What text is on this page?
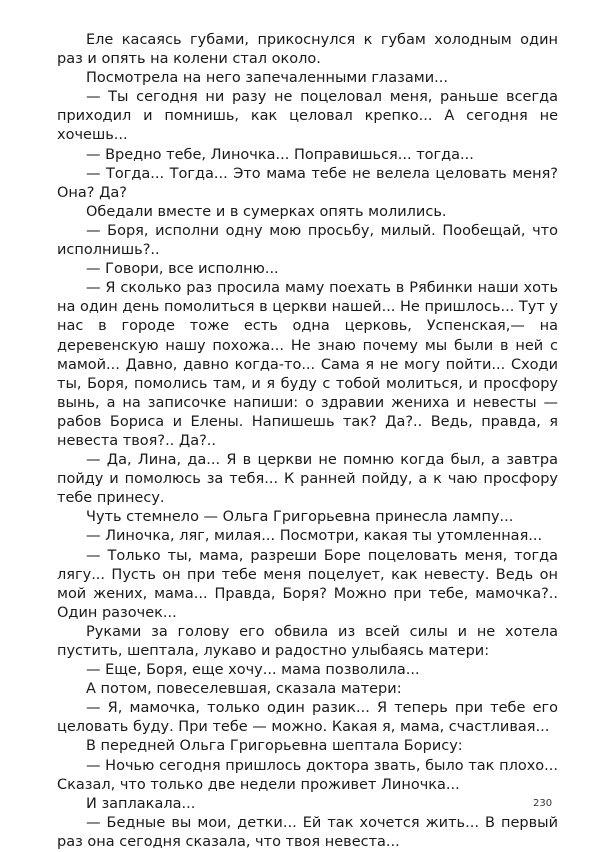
Еле касаясь губами, прикоснулся к губам холодным один раз и опять на колени стал около.

Посмотрела на него запечаленными глазами...

— Ты сегодня ни разу не поцеловал меня, раньше всегда приходил и помнишь, как целовал крепко... А сегодня не хочешь...

— Вредно тебе, Линочка... Поправишься... тогда...

— Тогда... Тогда... Это мама тебе не велела целовать меня? Она? Да?

Обедали вместе и в сумерках опять молились.

— Боря, исполни одну мою просьбу, милый. Пообещай, что исполнишь?..

— Говори, все исполню...

— Я сколько раз просила маму поехать в Рябинки наши хоть на один день помолиться в церкви нашей... Не пришлось... Тут у нас в городе тоже есть одна церковь, Успенская,— на деревенскую нашу похожа... Не знаю почему мы были в ней с мамой... Давно, давно когда-то... Сама я не могу пойти... Сходи ты, Боря, помолись там, и я буду с тобой молиться, и просфору вынь, а на записочке напиши: о здравии жениха и невесты — рабов Бориса и Елены. Напишешь так? Да?.. Ведь, правда, я невеста твоя?.. Да?..

— Да, Лина, да... Я в церкви не помню когда был, а завтра пойду и помолюсь за тебя... К ранней пойду, а к чаю просфору тебе принесу.

Чуть стемнело — Ольга Григорьевна принесла лампу...

— Линочка, ляг, милая... Посмотри, какая ты утомленная...

— Только ты, мама, разреши Боре поцеловать меня, тогда лягу... Пусть он при тебе меня поцелует, как невесту. Ведь он мой жених, мама... Правда, Боря? Можно при тебе, мамочка?.. Один разочек...

Руками за голову его обвила из всей силы и не хотела пустить, шептала, лукаво и радостно улыбаясь матери:

— Еще, Боря, еще хочу... мама позволила...

А потом, повеселевшая, сказала матери:

— Я, мамочка, только один разик... Я теперь при тебе его целовать буду. При тебе — можно. Какая я, мама, счастливая...

В передней Ольга Григорьевна шептала Борису:

— Ночью сегодня пришлось доктора звать, было так плохо... Сказал, что только две недели проживет Линочка...

И заплакала...

— Бедные вы мои, детки... Ей так хочется жить... В первый раз она сегодня сказала, что твоя невеста...

230
